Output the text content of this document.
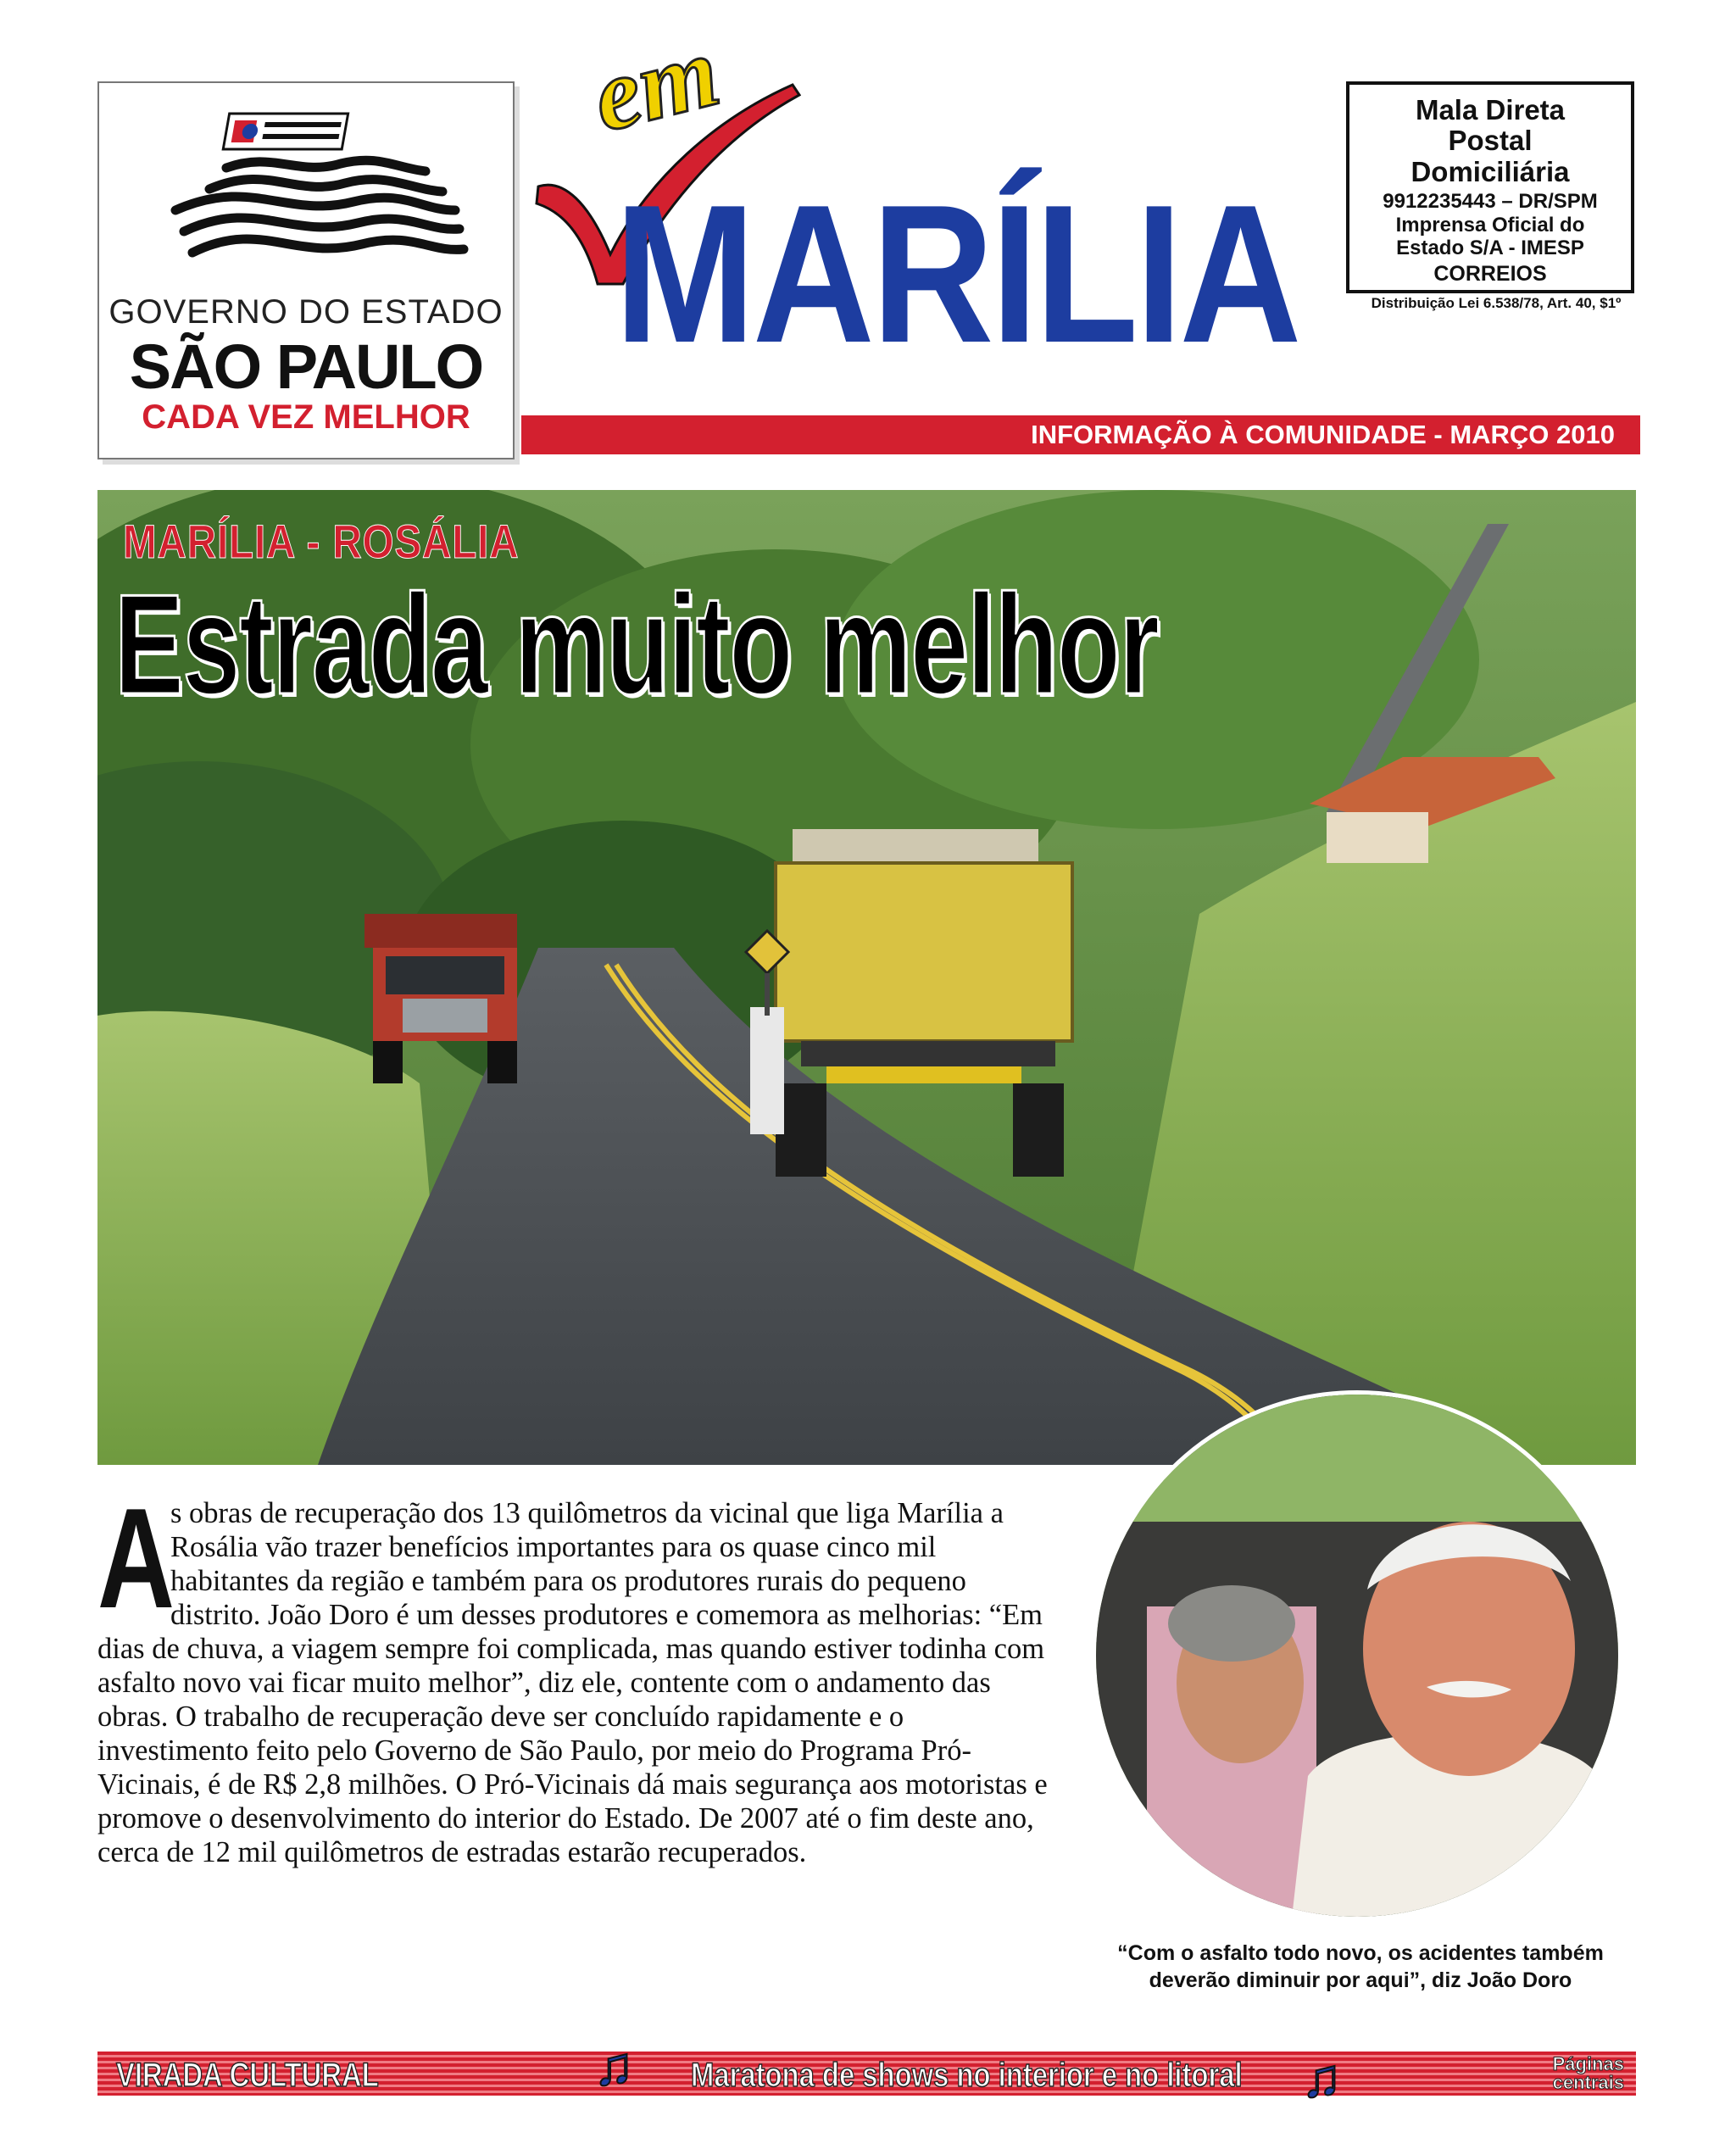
GOVERNO DO ESTADO
SÃO PAULO
CADA VEZ MELHOR
em
MARÍLIA
INFORMAÇÃO À COMUNIDADE - MARÇO 2010
Mala Direta
Postal
Domiciliária
9912235443 – DR/SPM
Imprensa Oficial do
Estado S/A - IMESP
CORREIOS
Distribuição Lei 6.538/78, Art. 40, $1º
MARÍLIA - ROSÁLIA
Estrada muito melhor
A
s obras de recuperação dos 13 quilômetros da vicinal que liga Marília a Rosália vão trazer benefícios importantes para os quase cinco mil habitantes da região e também para os produtores rurais do pequeno distrito. João Doro é um desses produtores e comemora as melhorias: “Em dias de chuva, a viagem sempre foi complicada, mas quando estiver todinha com asfalto novo vai ficar muito melhor”, diz ele, contente com o andamento das obras. O trabalho de recuperação deve ser concluído rapidamente e o investimento feito pelo Governo de São Paulo, por meio do Programa Pró-Vicinais, é de R$ 2,8 milhões. O Pró-Vicinais dá mais segurança aos motoristas e promove o desenvolvimento do interior do Estado. De 2007 até o fim deste ano, cerca de 12 mil quilômetros de estradas estarão recuperados.
“Com o asfalto todo novo, os acidentes também
deverão diminuir por aqui”, diz João Doro
VIRADA CULTURAL	♫ Maratona de shows no interior e no litoral ♫	Páginas
centrais
